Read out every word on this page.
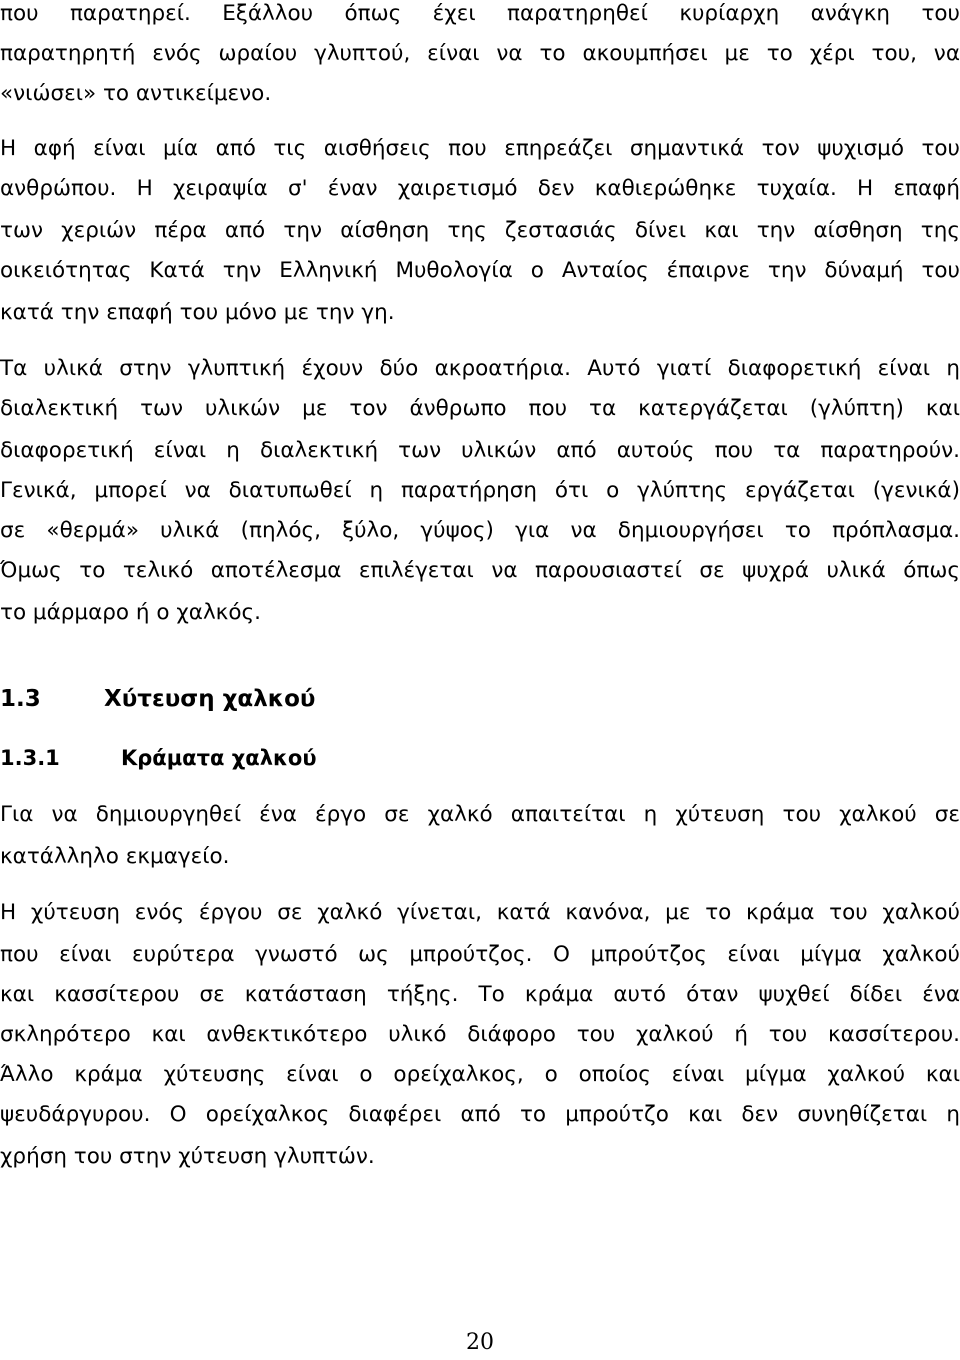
που παρατηρεί. Εξάλλου όπως έχει παρατηρηθεί κυρίαρχη ανάγκη του

παρατηρητή ενός ωραίου γλυπτού, είναι να το ακουμπήσει με το χέρι του, να

«νιώσει» το αντικείμενο.

Η αφή είναι μία από τις αισθήσεις που επηρεάζει σημαντικά τον ψυχισμό του

ανθρώπου. Η χειραψία σ' έναν χαιρετισμό δεν καθιερώθηκε τυχαία. Η επαφή

των χεριών πέρα από την αίσθηση της ζεστασιάς δίνει και την αίσθηση της

οικειότητας Κατά την Ελληνική Μυθολογία ο Ανταίος έπαιρνε την δύναμή του

κατά την επαφή του μόνο με την γη.

Τα υλικά στην γλυπτική έχουν δύο ακροατήρια. Αυτό γιατί διαφορετική είναι η

διαλεκτική των υλικών με τον άνθρωπο που τα κατεργάζεται (γλύπτη) και

διαφορετική είναι η διαλεκτική των υλικών από αυτούς που τα παρατηρούν.

Γενικά, μπορεί να διατυπωθεί η παρατήρηση ότι ο γλύπτης εργάζεται (γενικά)

σε «θερμά» υλικά (πηλός, ξύλο, γύψος) για να δημιουργήσει το πρόπλασμα.

Όμως το τελικό αποτέλεσμα επιλέγεται να παρουσιαστεί σε ψυχρά υλικά όπως

το μάρμαρο ή ο χαλκός.

1.3	Χύτευση χαλκού
1.3.1	Κράματα χαλκού

Για να δημιουργηθεί ένα έργο σε χαλκό απαιτείται η χύτευση του χαλκού σε

κατάλληλο εκμαγείο.

Η χύτευση ενός έργου σε χαλκό γίνεται, κατά κανόνα, με το κράμα του χαλκού

που είναι ευρύτερα γνωστό ως μπρούτζος. Ο μπρούτζος είναι μίγμα χαλκού

και κασσίτερου σε κατάσταση τήξης. Το κράμα αυτό όταν ψυχθεί δίδει ένα

σκληρότερο και ανθεκτικότερο υλικό διάφορο του χαλκού ή του κασσίτερου.

Άλλο κράμα χύτευσης είναι ο ορείχαλκος, ο οποίος είναι μίγμα χαλκού και

ψευδάργυρου. Ο ορείχαλκος διαφέρει από το μπρούτζο και δεν συνηθίζεται η

χρήση του στην χύτευση γλυπτών.

20
